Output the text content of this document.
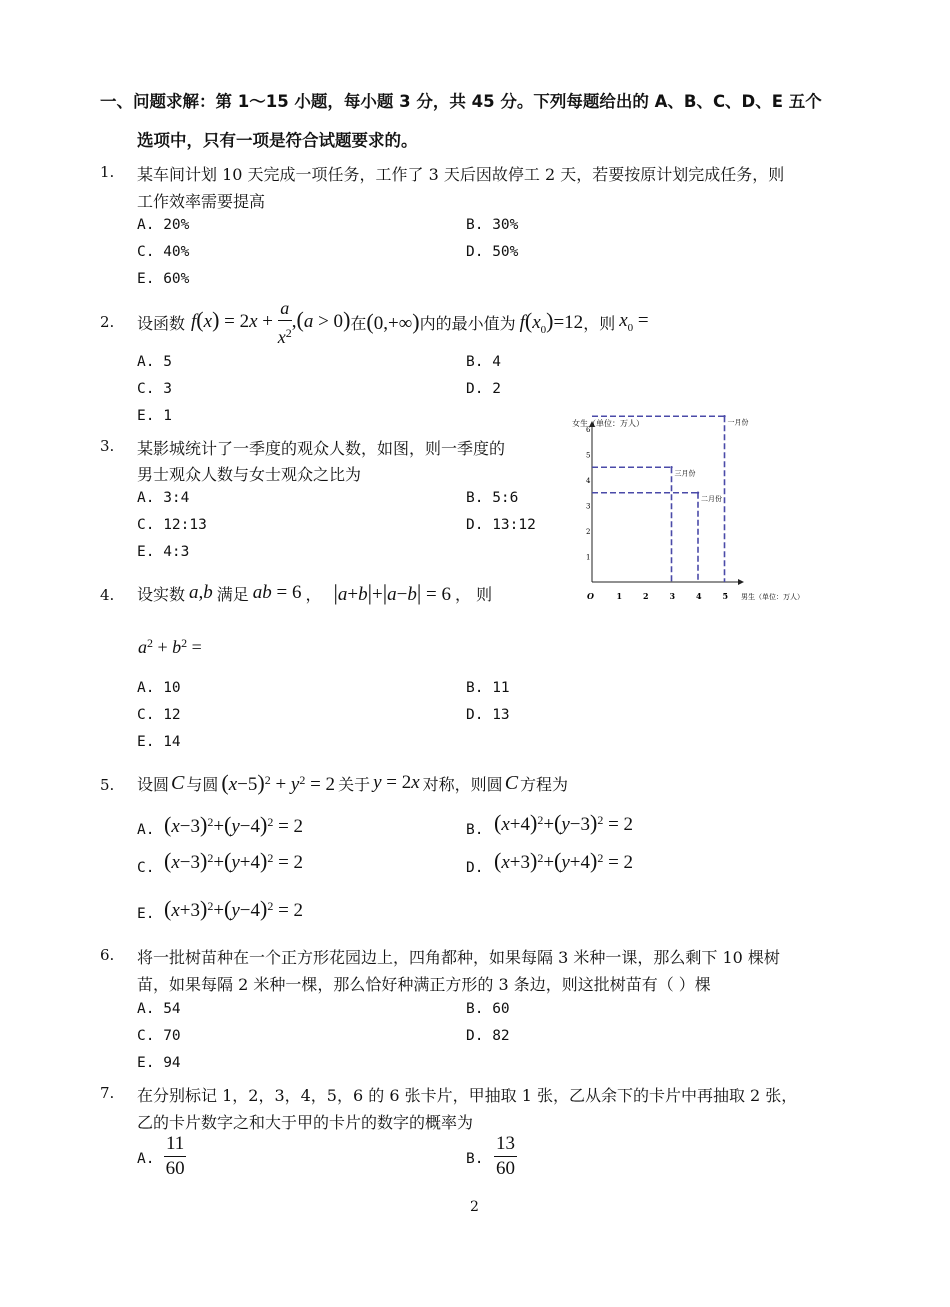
一、问题求解：第 1～15 小题，每小题 3 分，共 45 分。下列每题给出的 A、B、C、D、E 五个
选项中，只有一项是符合试题要求的。
1. 某车间计划 10 天完成一项任务，工作了 3 天后因故停工 2 天，若要按原计划完成任务，则
工作效率需要提高
A. 20%	B. 30%
C. 40%	D. 50%
E. 60%
2. 设函数 $f(x) = 2x + \frac{a}{x^2} ,(a > 0)$ 在 (0,+∞) 内的最小值为 $f(x_0)=12$ ，则 $x_0$ =
A. 5	B. 4
C. 3	D. 2
E. 1
3. 某影城统计了一季度的观众人数，如图，则一季度的
男士观众人数与女士观众之比为
A. 3:4	B. 5:6
C. 12:13	D. 13:12
E. 4:3
女生（单位：万人）
男生（单位：万人）
O	1	2	3	4	5
1
2
3
4
5
6
一月份
三月份
二月份
4. 设实数 a,b 满足 ab = 6 ， |a+b|+|a−b| = 6 ， 则
$a^2 + b^2$ =
A. 10	B. 11
C. 12	D. 13
E. 14
5. 设圆 C 与圆 $(x-5)^2 + y^2 = 2$ 关于 y = 2x 对称，则圆 C 方程为
A. $(x-3)^2+(y-4)^2 = 2$	B. $(x+4)^2+(y-3)^2 = 2$
C. $(x-3)^2+(y+4)^2 = 2$	D. $(x+3)^2+(y+4)^2 = 2$
E. $(x+3)^2+(y-4)^2 = 2$
6. 将一批树苗种在一个正方形花园边上，四角都种，如果每隔 3 米种一课，那么剩下 10 棵树
苗，如果每隔 2 米种一棵，那么恰好种满正方形的 3 条边，则这批树苗有（ ）棵
A. 54	B. 60
C. 70	D. 82
E. 94
7. 在分别标记 1，2，3，4，5，6 的 6 张卡片，甲抽取 1 张，乙从余下的卡片中再抽取 2 张，
乙的卡片数字之和大于甲的卡片的数字的概率为
A. $\frac{11}{60}$	B. $\frac{13}{60}$
2
